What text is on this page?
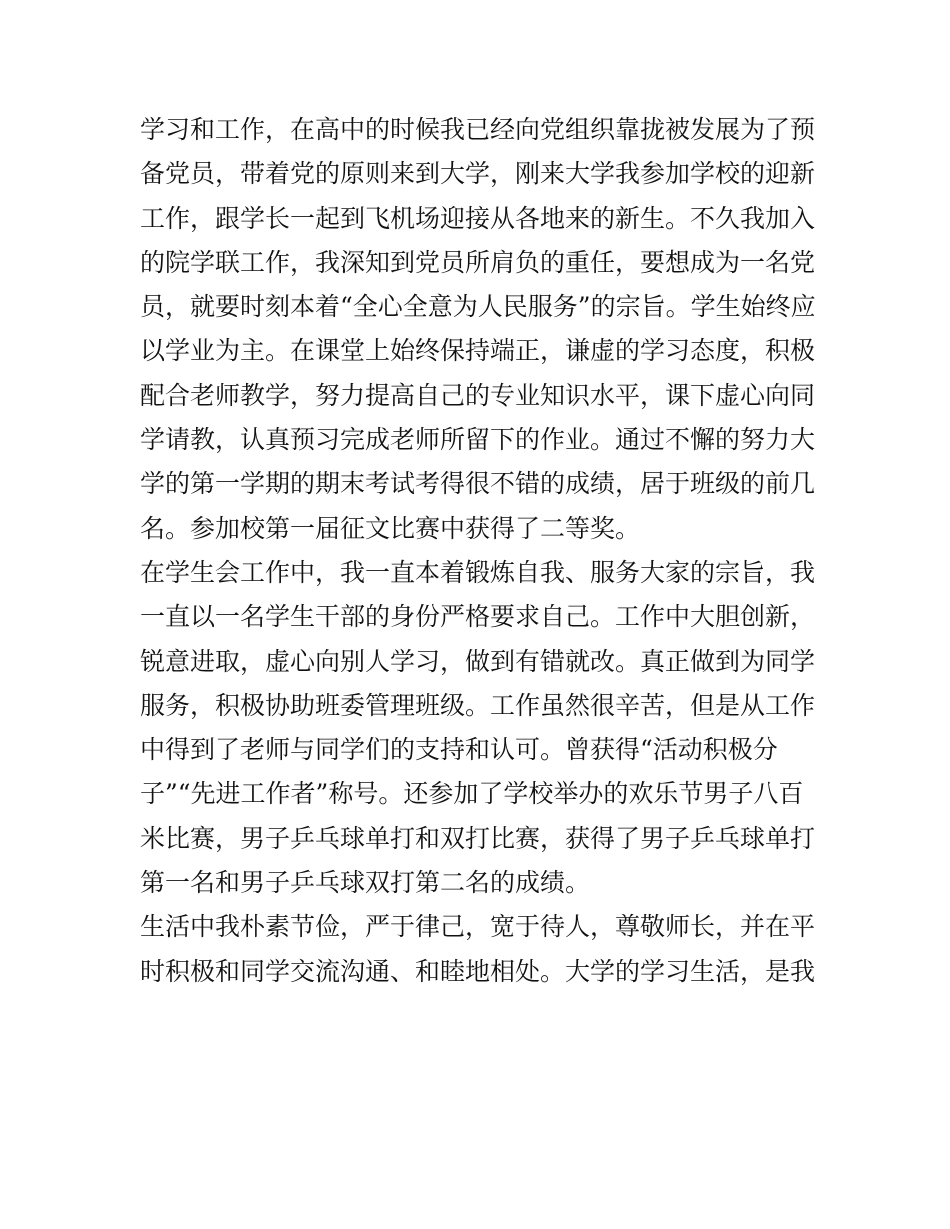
学习和工作，在高中的时候我已经向党组织靠拢被发展为了预
备党员，带着党的原则来到大学，刚来大学我参加学校的迎新
工作，跟学长一起到飞机场迎接从各地来的新生。不久我加入
的院学联工作，我深知到党员所肩负的重任，要想成为一名党
员，就要时刻本着“全心全意为人民服务”的宗旨。学生始终应
以学业为主。在课堂上始终保持端正，谦虚的学习态度，积极
配合老师教学，努力提高自己的专业知识水平，课下虚心向同
学请教，认真预习完成老师所留下的作业。通过不懈的努力大
学的第一学期的期末考试考得很不错的成绩，居于班级的前几
名。参加校第一届征文比赛中获得了二等奖。
在学生会工作中，我一直本着锻炼自我、服务大家的宗旨，我
一直以一名学生干部的身份严格要求自己。工作中大胆创新，
锐意进取，虚心向别人学习，做到有错就改。真正做到为同学
服务，积极协助班委管理班级。工作虽然很辛苦，但是从工作
中得到了老师与同学们的支持和认可。曾获得“活动积极分
子”“先进工作者”称号。还参加了学校举办的欢乐节男子八百
米比赛，男子乒乓球单打和双打比赛，获得了男子乒乓球单打
第一名和男子乒乓球双打第二名的成绩。
生活中我朴素节俭，严于律己，宽于待人，尊敬师长，并在平
时积极和同学交流沟通、和睦地相处。大学的学习生活，是我
